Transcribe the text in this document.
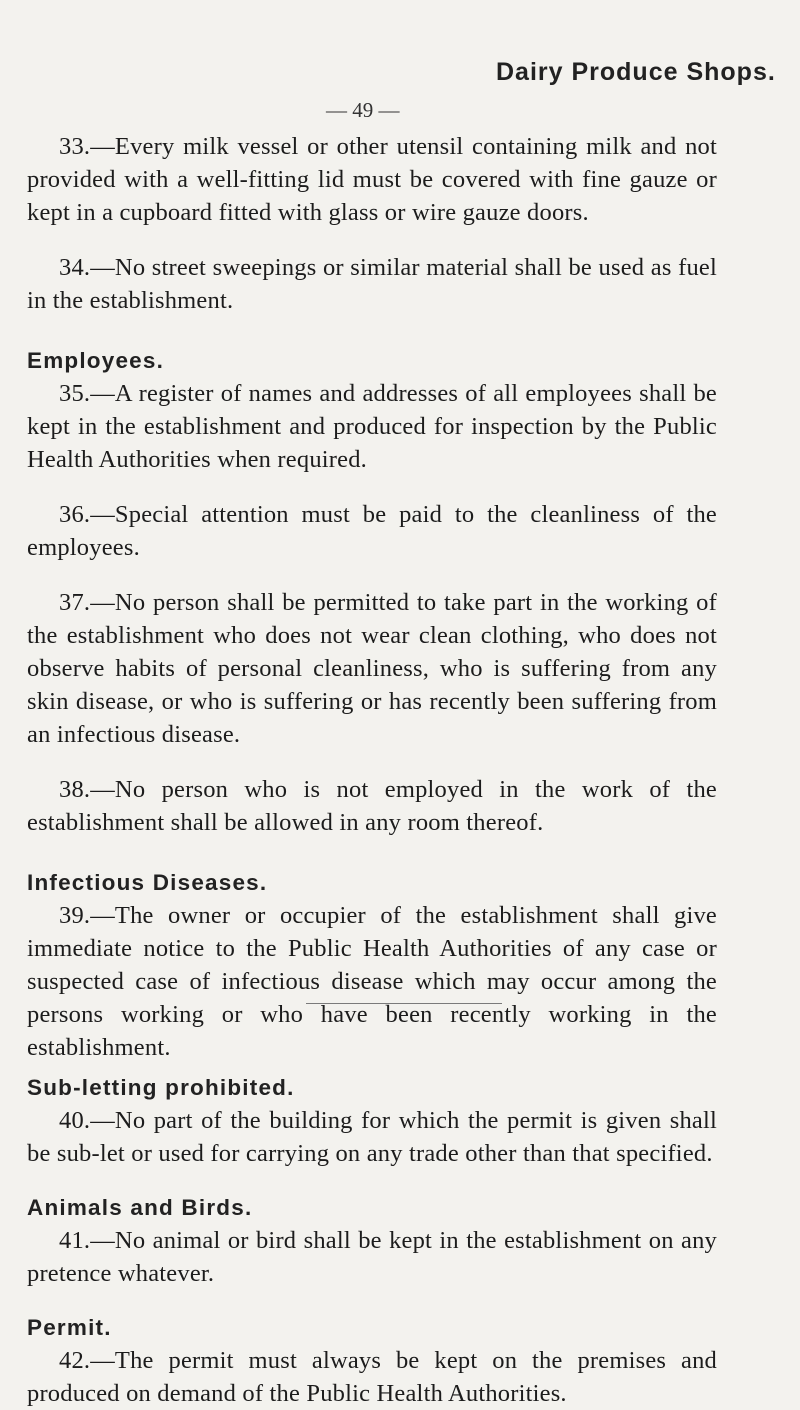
Dairy Produce Shops.
— 49 —

33.—Every milk vessel or other utensil containing milk and not provided with a well-fitting lid must be covered with fine gauze or kept in a cupboard fitted with glass or wire gauze doors.

34.—No street sweepings or similar material shall be used as fuel in the establishment.

Employees.

35.—A register of names and addresses of all employees shall be kept in the establishment and produced for inspection by the Public Health Authorities when required.

36.—Special attention must be paid to the cleanliness of the employees.

37.—No person shall be permitted to take part in the working of the establishment who does not wear clean clothing, who does not observe habits of personal cleanliness, who is suffering from any skin disease, or who is suffering or has recently been suffering from an infectious disease.

38.—No person who is not employed in the work of the establishment shall be allowed in any room thereof.

Infectious Diseases.

39.—The owner or occupier of the establishment shall give immediate notice to the Public Health Authorities of any case or suspected case of infectious disease which may occur among the persons working or who have been recently working in the establishment.

Sub-letting prohibited.

40.—No part of the building for which the permit is given shall be sub-let or used for carrying on any trade other than that specified.

Animals and Birds.

41.—No animal or bird shall be kept in the establishment on any pretence whatever.

Permit.

42.—The permit must always be kept on the premises and produced on demand of the Public Health Authorities.
